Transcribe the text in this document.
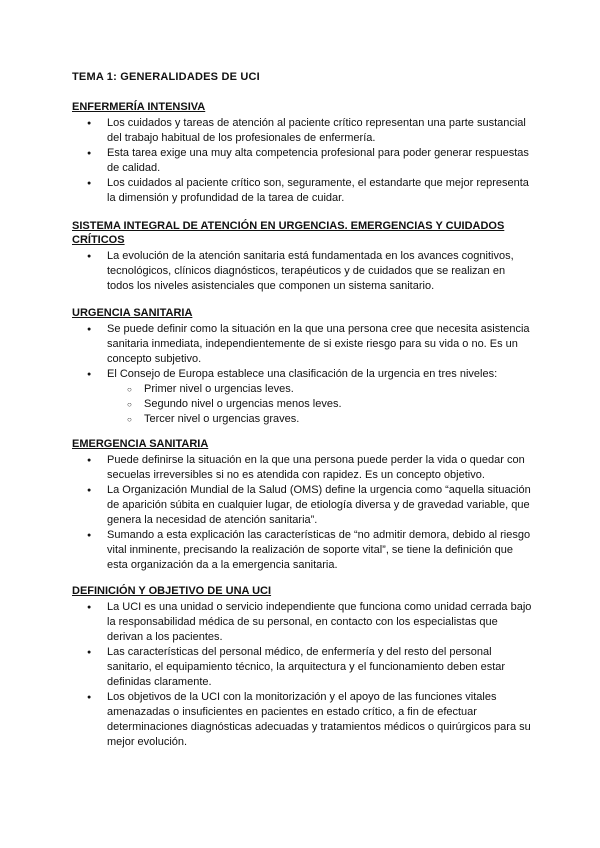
TEMA 1: GENERALIDADES DE UCI
ENFERMERÍA INTENSIVA
● Los cuidados y tareas de atención al paciente crítico representan una parte sustancial del trabajo habitual de los profesionales de enfermería.
● Esta tarea exige una muy alta competencia profesional para poder generar respuestas de calidad.
● Los cuidados al paciente crítico son, seguramente, el estandarte que mejor representa la dimensión y profundidad de la tarea de cuidar.
SISTEMA INTEGRAL DE ATENCIÓN EN URGENCIAS. EMERGENCIAS Y CUIDADOS CRÍTICOS
● La evolución de la atención sanitaria está fundamentada en los avances cognitivos, tecnológicos, clínicos diagnósticos, terapéuticos y de cuidados que se realizan en todos los niveles asistenciales que componen un sistema sanitario.
URGENCIA SANITARIA
● Se puede definir como la situación en la que una persona cree que necesita asistencia sanitaria inmediata, independientemente de si existe riesgo para su vida o no. Es un concepto subjetivo.
● El Consejo de Europa establece una clasificación de la urgencia en tres niveles:
○ Primer nivel o urgencias leves.
○ Segundo nivel o urgencias menos leves.
○ Tercer nivel o urgencias graves.
EMERGENCIA SANITARIA
● Puede definirse la situación en la que una persona puede perder la vida o quedar con secuelas irreversibles si no es atendida con rapidez. Es un concepto objetivo.
● La Organización Mundial de la Salud (OMS) define la urgencia como “aquella situación de aparición súbita en cualquier lugar, de etiología diversa y de gravedad variable, que genera la necesidad de atención sanitaria”.
● Sumando a esta explicación las características de “no admitir demora, debido al riesgo vital inminente, precisando la realización de soporte vital”, se tiene la definición que esta organización da a la emergencia sanitaria.
DEFINICIÓN Y OBJETIVO DE UNA UCI
● La UCI es una unidad o servicio independiente que funciona como unidad cerrada bajo la responsabilidad médica de su personal, en contacto con los especialistas que derivan a los pacientes.
● Las características del personal médico, de enfermería y del resto del personal sanitario, el equipamiento técnico, la arquitectura y el funcionamiento deben estar definidas claramente.
● Los objetivos de la UCI con la monitorización y el apoyo de las funciones vitales amenazadas o insuficientes en pacientes en estado crítico, a fin de efectuar determinaciones diagnósticas adecuadas y tratamientos médicos o quirúrgicos para su mejor evolución.
